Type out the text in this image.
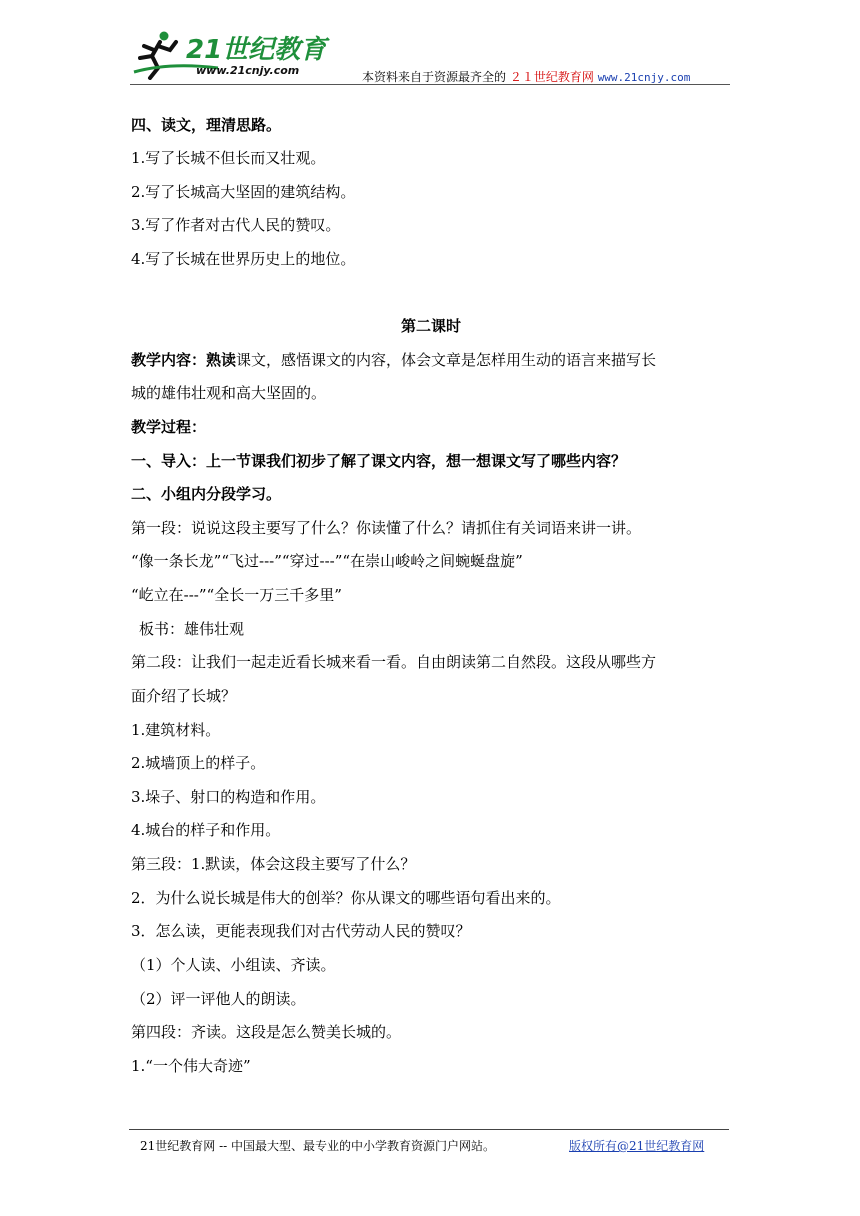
21世纪教育
www.21cnjy.com	本资料来自于资源最齐全的 ２１世纪教育网 www.21cnjy.com
四、读文，理清思路。
1.写了长城不但长而又壮观。
2.写了长城高大坚固的建筑结构。
3.写了作者对古代人民的赞叹。
4.写了长城在世界历史上的地位。
第二课时
教学内容：熟读课文，感悟课文的内容，体会文章是怎样用生动的语言来描写长
城的雄伟壮观和高大坚固的。
教学过程：
一、导入：上一节课我们初步了解了课文内容，想一想课文写了哪些内容？
二、小组内分段学习。
第一段：说说这段主要写了什么？你读懂了什么？请抓住有关词语来讲一讲。
“像一条长龙”“飞过---”“穿过---”“在崇山峻岭之间蜿蜒盘旋”
“屹立在---”“全长一万三千多里”
板书：雄伟壮观
第二段：让我们一起走近看长城来看一看。自由朗读第二自然段。这段从哪些方
面介绍了长城？
1.建筑材料。
2.城墙顶上的样子。
3.垛子、射口的构造和作用。
4.城台的样子和作用。
第三段：1.默读，体会这段主要写了什么？
2．为什么说长城是伟大的创举？你从课文的哪些语句看出来的。
3．怎么读，更能表现我们对古代劳动人民的赞叹？
（1）个人读、小组读、齐读。
（2）评一评他人的朗读。
第四段：齐读。这段是怎么赞美长城的。
1.“一个伟大奇迹”
21世纪教育网 -- 中国最大型、最专业的中小学教育资源门户网站。	版权所有@21世纪教育网
